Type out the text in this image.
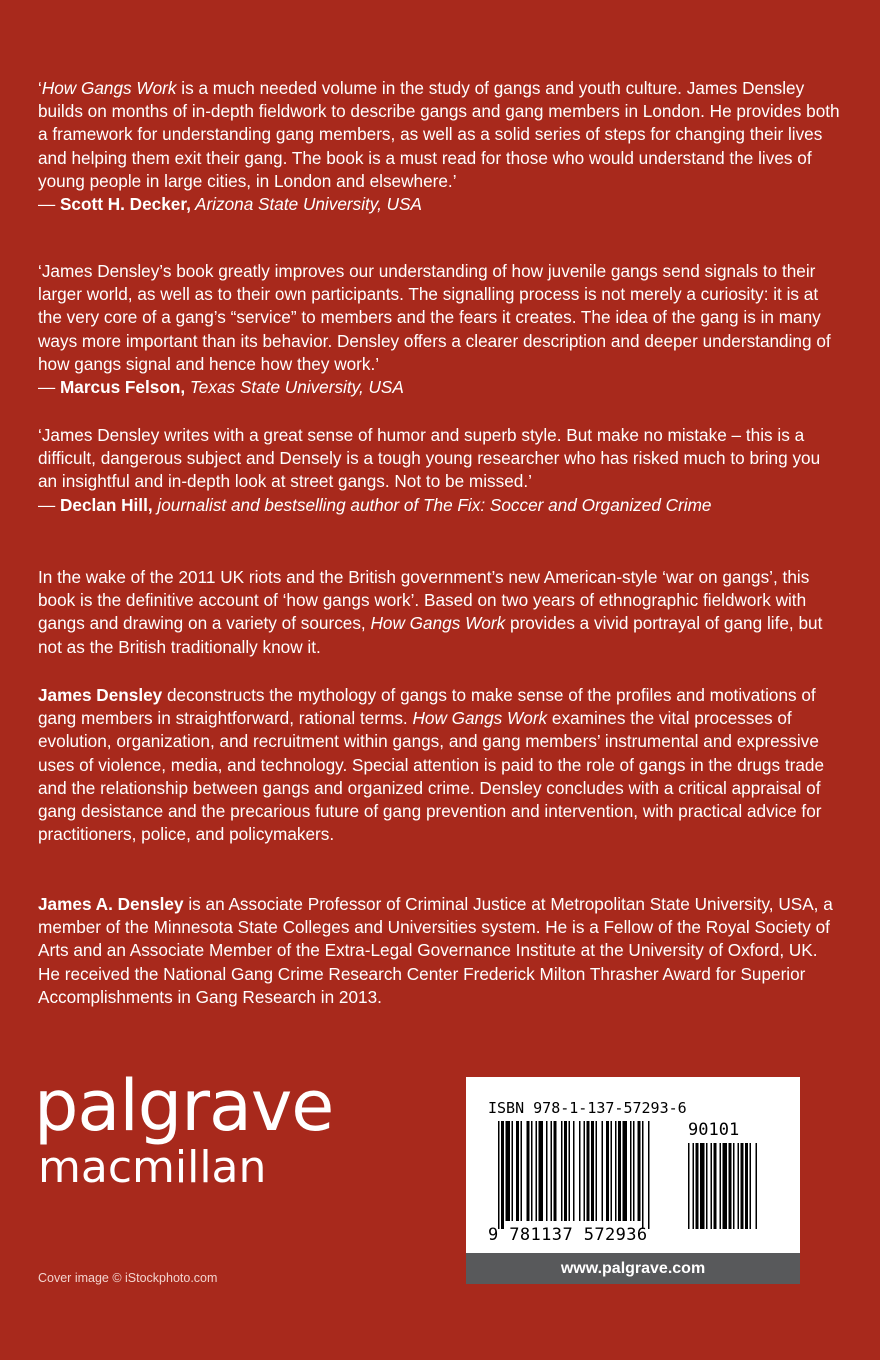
‘How Gangs Work is a much needed volume in the study of gangs and youth culture. James Densley builds on months of in-depth fieldwork to describe gangs and gang members in London. He provides both a framework for understanding gang members, as well as a solid series of steps for changing their lives and helping them exit their gang. The book is a must read for those who would understand the lives of young people in large cities, in London and elsewhere.’

— Scott H. Decker, Arizona State University, USA

‘James Densley’s book greatly improves our understanding of how juvenile gangs send signals to their larger world, as well as to their own participants. The signalling process is not merely a curiosity: it is at the very core of a gang’s “service” to members and the fears it creates. The idea of the gang is in many ways more important than its behavior. Densley offers a clearer description and deeper understanding of how gangs signal and hence how they work.’

— Marcus Felson, Texas State University, USA

‘James Densley writes with a great sense of humor and superb style. But make no mistake – this is a difficult, dangerous subject and Densely is a tough young researcher who has risked much to bring you an insightful and in-depth look at street gangs. Not to be missed.’

— Declan Hill, journalist and bestselling author of The Fix: Soccer and Organized Crime

In the wake of the 2011 UK riots and the British government’s new American-style ‘war on gangs’, this book is the definitive account of ‘how gangs work’. Based on two years of ethnographic fieldwork with gangs and drawing on a variety of sources, How Gangs Work provides a vivid portrayal of gang life, but not as the British traditionally know it.

James Densley deconstructs the mythology of gangs to make sense of the profiles and motivations of gang members in straightforward, rational terms. How Gangs Work examines the vital processes of evolution, organization, and recruitment within gangs, and gang members’ instrumental and expressive uses of violence, media, and technology. Special attention is paid to the role of gangs in the drugs trade and the relationship between gangs and organized crime. Densley concludes with a critical appraisal of gang desistance and the precarious future of gang prevention and intervention, with practical advice for practitioners, police, and policymakers.

James A. Densley is an Associate Professor of Criminal Justice at Metropolitan State University, USA, a member of the Minnesota State Colleges and Universities system. He is a Fellow of the Royal Society of Arts and an Associate Member of the Extra-Legal Governance Institute at the University of Oxford, UK. He received the National Gang Crime Research Center Frederick Milton Thrasher Award for Superior Accomplishments in Gang Research in 2013.

palgrave
macmillan
Cover image © iStockphoto.com
ISBN 978-1-137-57293-6
90101
9 781137 572936
www.palgrave.com
